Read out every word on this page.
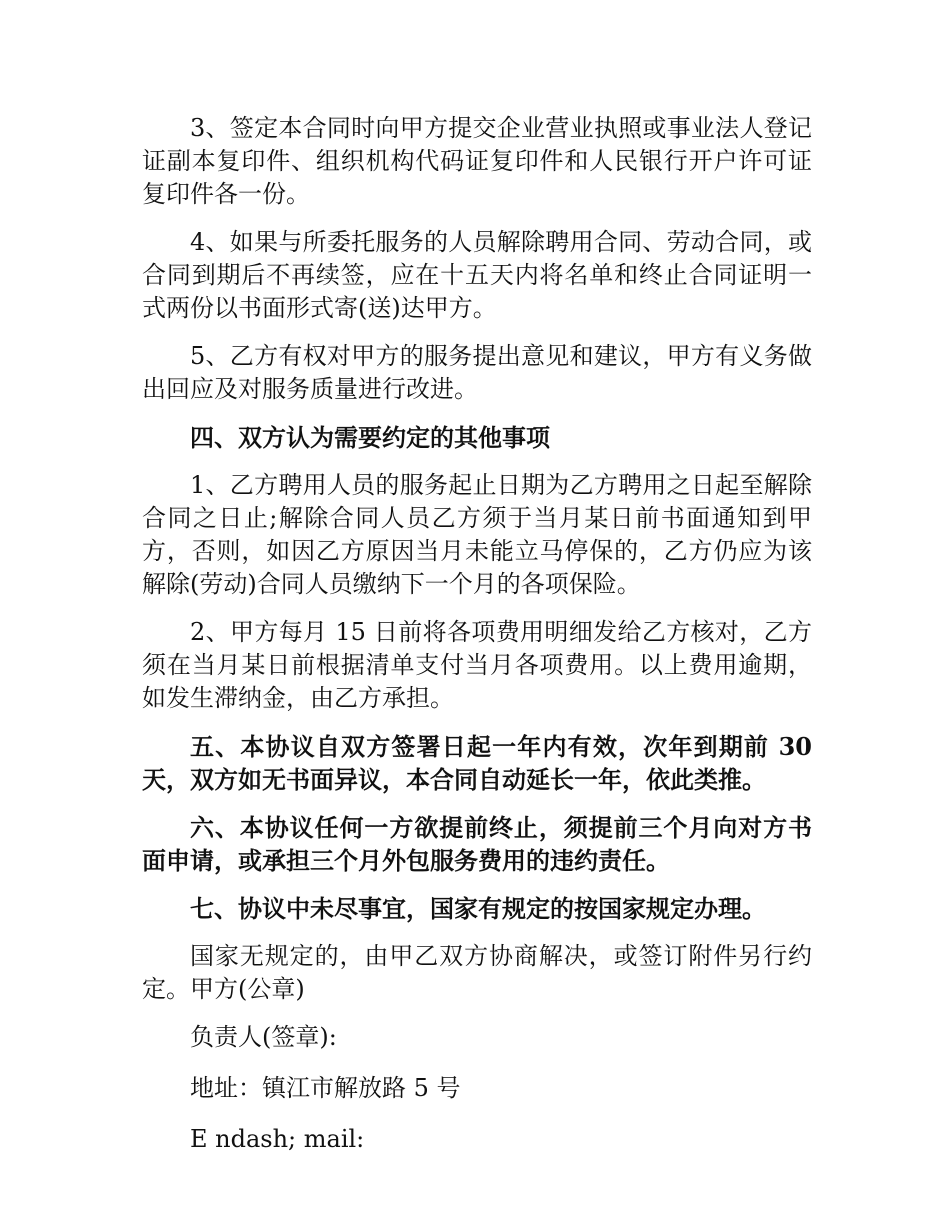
3、签定本合同时向甲方提交企业营业执照或事业法人登记证副本复印件、组织机构代码证复印件和人民银行开户许可证复印件各一份。

4、如果与所委托服务的人员解除聘用合同、劳动合同，或合同到期后不再续签，应在十五天内将名单和终止合同证明一式两份以书面形式寄(送)达甲方。

5、乙方有权对甲方的服务提出意见和建议，甲方有义务做出回应及对服务质量进行改进。

四、双方认为需要约定的其他事项

1、乙方聘用人员的服务起止日期为乙方聘用之日起至解除合同之日止;解除合同人员乙方须于当月某日前书面通知到甲方，否则，如因乙方原因当月未能立马停保的，乙方仍应为该解除(劳动)合同人员缴纳下一个月的各项保险。

2、甲方每月 15 日前将各项费用明细发给乙方核对，乙方须在当月某日前根据清单支付当月各项费用。以上费用逾期，如发生滞纳金，由乙方承担。

五、本协议自双方签署日起一年内有效，次年到期前 30 天，双方如无书面异议，本合同自动延长一年，依此类推。

六、本协议任何一方欲提前终止，须提前三个月向对方书面申请，或承担三个月外包服务费用的违约责任。

七、协议中未尽事宜，国家有规定的按国家规定办理。

国家无规定的，由甲乙双方协商解决，或签订附件另行约定。甲方(公章)

负责人(签章):

地址：镇江市解放路 5 号

E ndash; mail:
